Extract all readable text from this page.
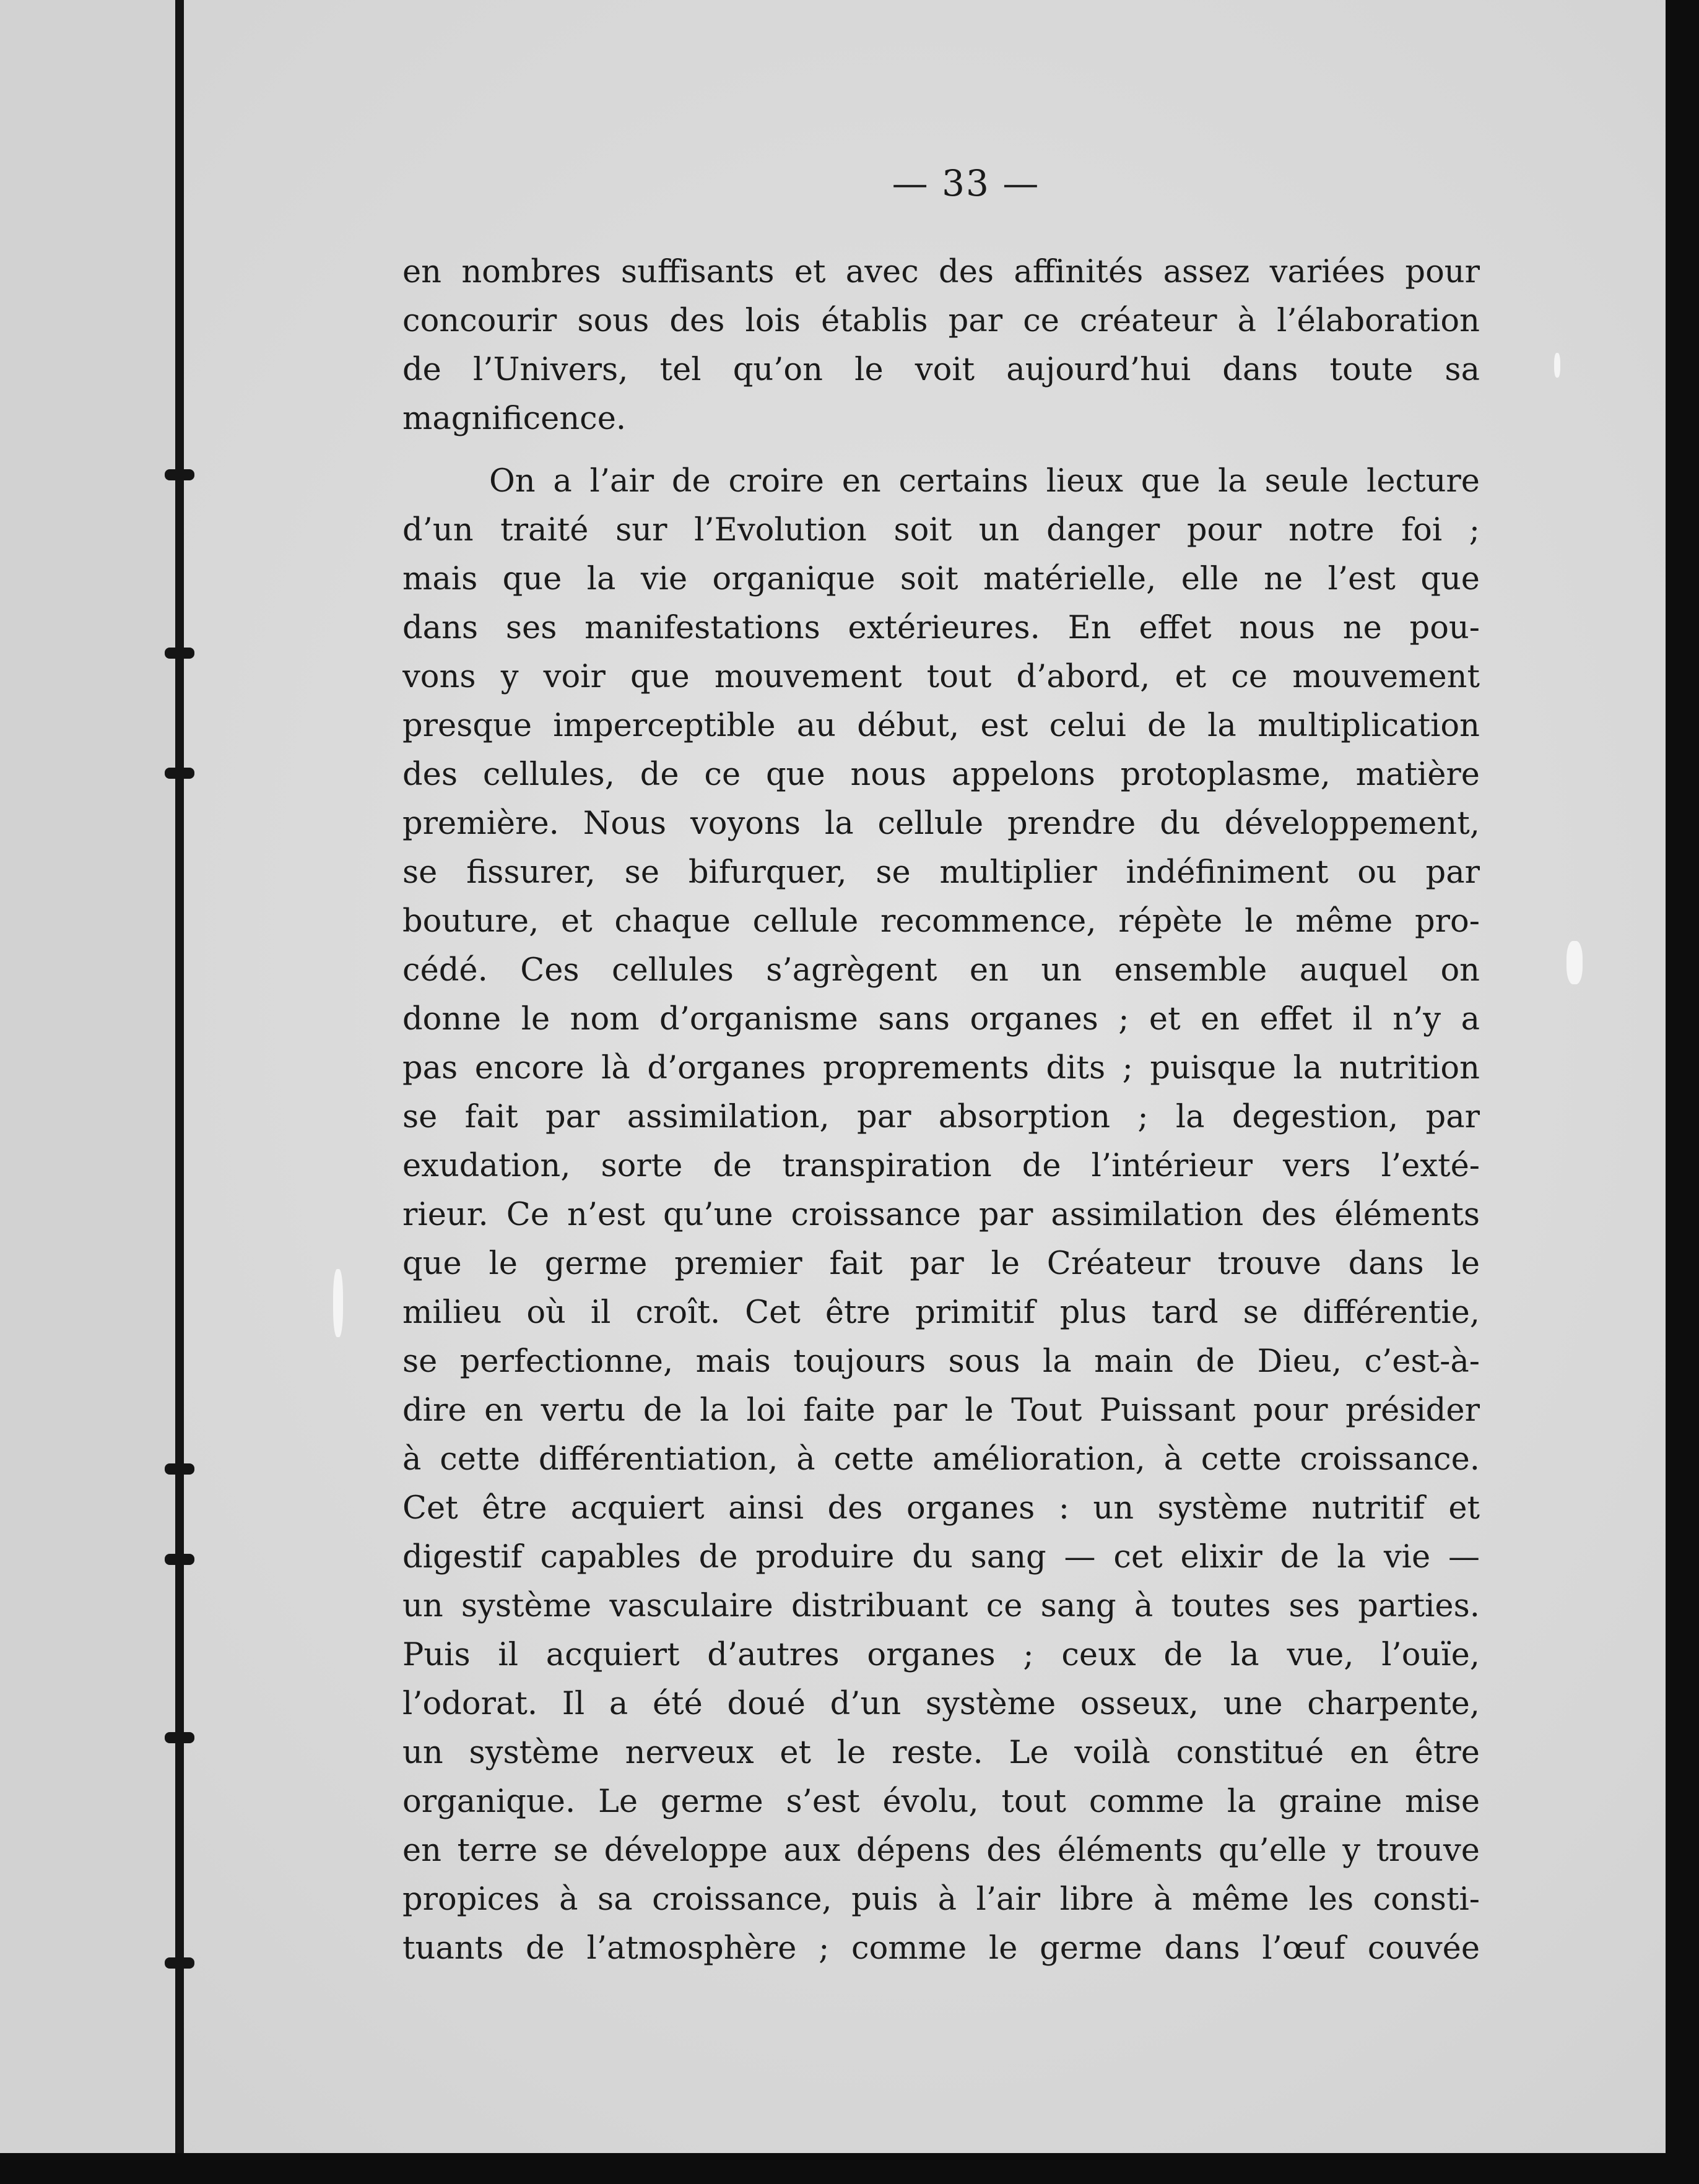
— 33 —
en nombres suffisants et avec des affinités assez variées pour
concourir sous des lois établis par ce créateur à l’élaboration
de l’Univers, tel qu’on le voit aujourd’hui dans toute sa
magnificence.
On a l’air de croire en certains lieux que la seule lecture
d’un traité sur l’Evolution soit un danger pour notre foi ;
mais que la vie organique soit matérielle, elle ne l’est que
dans ses manifestations extérieures. En effet nous ne pou-
vons y voir que mouvement tout d’abord, et ce mouvement
presque imperceptible au début, est celui de la multiplication
des cellules, de ce que nous appelons protoplasme, matière
première. Nous voyons la cellule prendre du développement,
se fissurer, se bifurquer, se multiplier indéfiniment ou par
bouture, et chaque cellule recommence, répète le même pro-
cédé. Ces cellules s’agrègent en un ensemble auquel on
donne le nom d’organisme sans organes ; et en effet il n’y a
pas encore là d’organes proprements dits ; puisque la nutrition
se fait par assimilation, par absorption ; la degestion, par
exudation, sorte de transpiration de l’intérieur vers l’exté-
rieur. Ce n’est qu’une croissance par assimilation des éléments
que le germe premier fait par le Créateur trouve dans le
milieu où il croît. Cet être primitif plus tard se différentie,
se perfectionne, mais toujours sous la main de Dieu, c’est-à-
dire en vertu de la loi faite par le Tout Puissant pour présider
à cette différentiation, à cette amélioration, à cette croissance.
Cet être acquiert ainsi des organes : un système nutritif et
digestif capables de produire du sang — cet elixir de la vie —
un système vasculaire distribuant ce sang à toutes ses parties.
Puis il acquiert d’autres organes ; ceux de la vue, l’ouïe,
l’odorat. Il a été doué d’un système osseux, une charpente,
un système nerveux et le reste. Le voilà constitué en être
organique. Le germe s’est évolu, tout comme la graine mise
en terre se développe aux dépens des éléments qu’elle y trouve
propices à sa croissance, puis à l’air libre à même les consti-
tuants de l’atmosphère ; comme le germe dans l’œuf couvée
